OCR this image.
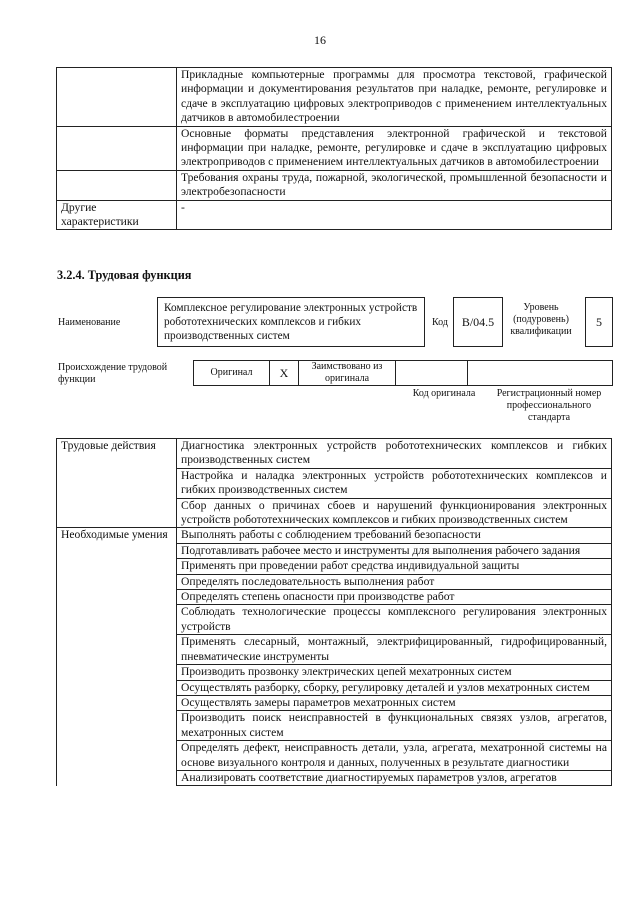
16
	Прикладные компьютерные программы для просмотра текстовой, графической информации и документирования результатов при наладке, ремонте, регулировке и сдаче в эксплуатацию цифровых электроприводов с применением интеллектуальных датчиков в автомобилестроении
	Основные форматы представления электронной графической и текстовой информации при наладке, ремонте, регулировке и сдаче в эксплуатацию цифровых электроприводов с применением интеллектуальных датчиков в автомобилестроении
	Требования охраны труда, пожарной, экологической, промышленной безопасности и электробезопасности
Другие характеристики	-
3.2.4. Трудовая функция
Наименование
Комплексное регулирование электронных устройств робототехнических комплексов и гибких производственных систем
Код	B/04.5
Уровень (подуровень) квалификации
5
Происхождение трудовой функции
Оригинал	X	Заимствовано из оригинала		
Код оригинала	Регистрационный номер профессионального стандарта
Трудовые действия	Диагностика электронных устройств робототехнических комплексов и гибких производственных систем
	Настройка и наладка электронных устройств робототехнических комплексов и гибких производственных систем
	Сбор данных о причинах сбоев и нарушений функционирования электронных устройств робототехнических комплексов и гибких производственных систем
Необходимые умения	Выполнять работы с соблюдением требований безопасности
	Подготавливать рабочее место и инструменты для выполнения рабочего задания
	Применять при проведении работ средства индивидуальной защиты
	Определять последовательность выполнения работ
	Определять степень опасности при производстве работ
	Соблюдать технологические процессы комплексного регулирования электронных устройств
	Применять слесарный, монтажный, электрифицированный, гидрофицированный, пневматические инструменты
	Производить прозвонку электрических цепей мехатронных систем
	Осуществлять разборку, сборку, регулировку деталей и узлов мехатронных систем
	Осуществлять замеры параметров мехатронных систем
	Производить поиск неисправностей в функциональных связях узлов, агрегатов, мехатронных систем
	Определять дефект, неисправность детали, узла, агрегата, мехатронной системы на основе визуального контроля и данных, полученных в результате диагностики
	Анализировать соответствие диагностируемых параметров узлов, агрегатов
